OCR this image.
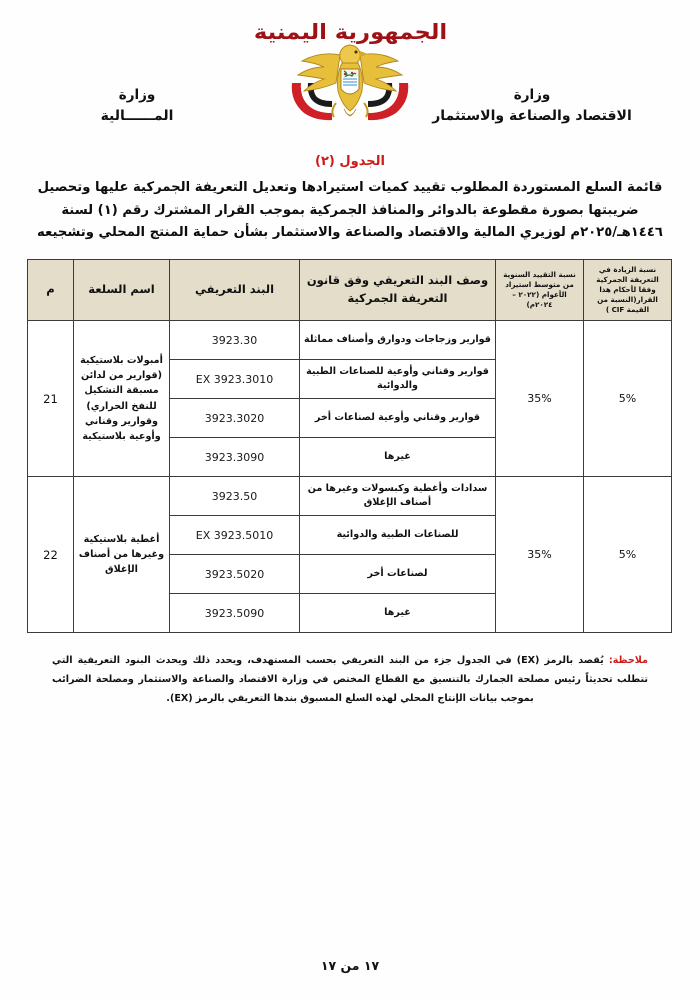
الجمهورية اليمنية
وزارة
الاقتصاد والصناعة والاستثمار
وزارة
المــــــالية
الجدول (٢)
قائمة السلع المستوردة المطلوب تقييد كميات استيرادها وتعديل التعريفة الجمركية عليها وتحصيل ضريبتها بصورة مقطوعة بالدوائر والمنافذ الجمركية بموجب القرار المشترك رقم (١) لسنة ١٤٤٦هـ/٢٠٢٥م لوزيري المالية والاقتصاد والصناعة والاستثمار بشأن حماية المنتج المحلي وتشجيعه
نسبة الزيادة في التعريفة الجمركية وفقا لأحكام هذا القرار(النسبة من القيمة CIF )	نسبة التقييد السنوية من متوسط استيراد الأعوام (٢٠٢٢ – ٢٠٢٤م)	وصف البند التعريفي وفق قانون التعريفة الجمركية	البند التعريفي	اسم السلعة	م
5%	35%	قوارير وزجاجات ودوارق وأصناف مماثلة	3923.30	أمبولات بلاستيكية (قوارير من لدائن مسبقة التشكيل للنفخ الحراري) وقوارير وقناني وأوعية بلاستيكية	21
		قوارير وقناني وأوعية للصناعات الطبية والدوائية	EX 3923.3010		
		قوارير وقناني وأوعية لصناعات أخر	3923.3020		
		غيرها	3923.3090		
5%	35%	سدادات وأغطية وكبسولات وغيرها من أصناف الإغلاق	3923.50	أغطية بلاستيكية وغيرها من أصناف الإغلاق	22
		للصناعات الطبية والدوائية	EX 3923.5010		
		لصناعات أخر	3923.5020		
		غيرها	3923.5090		
ملاحظة: يُقصد بالرمز (EX) في الجدول جزء من البند التعريفي بحسب المستهدف، ويحدد ذلك ويحدث البنود التعريفية التي تتطلب تحديثاً رئيس مصلحة الجمارك بالتنسيق مع القطاع المختص في وزارة الاقتصاد والصناعة والاستثمار ومصلحة الضرائب بموجب بيانات الإنتاج المحلي لهذه السلع المسبوق بندها التعريفي بالرمز (EX).
١٧ من ١٧
